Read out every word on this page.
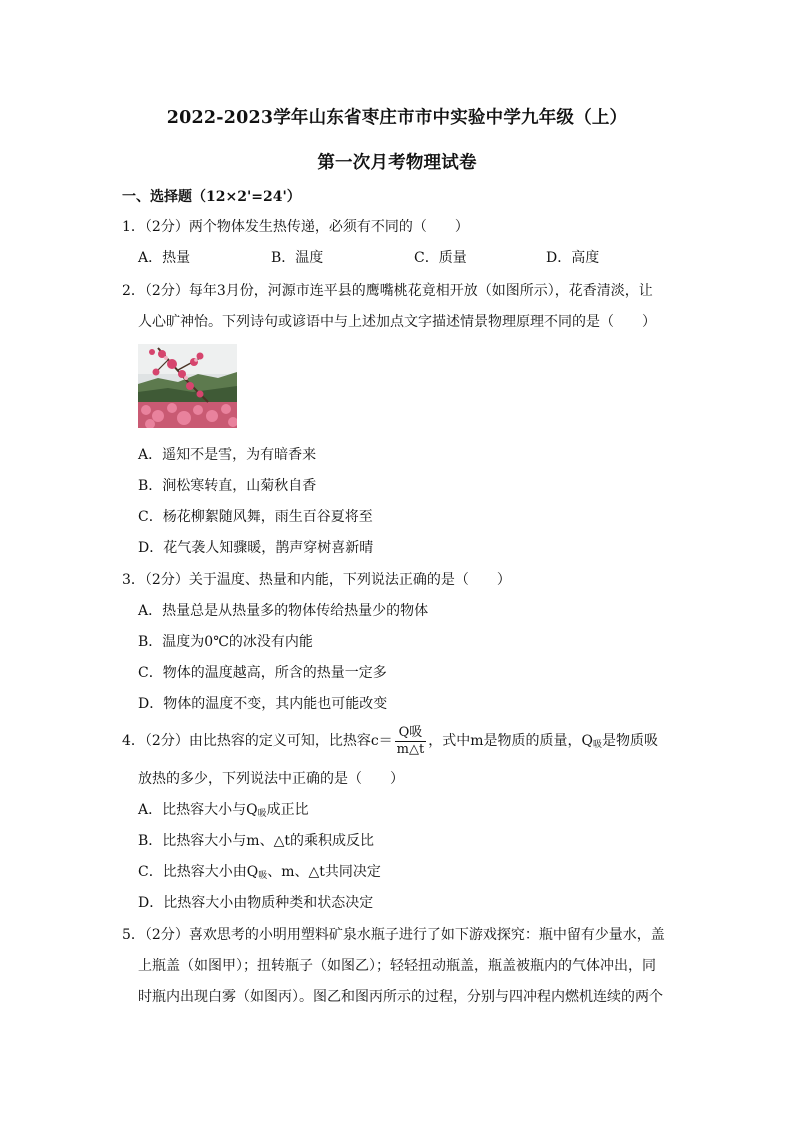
2022-2023学年山东省枣庄市市中实验中学九年级（上）
第一次月考物理试卷
一、选择题（12×2'=24'）
1．（2分）两个物体发生热传递，必须有不同的（　　）
A．热量	B．温度	C．质量	D．高度
2．（2分）每年3月份，河源市连平县的鹰嘴桃花竟相开放（如图所示），花香清淡，让
人心旷神怡。下列诗句或谚语中与上述加点文字描述情景物理原理不同的是（　　）
A．遥知不是雪，为有暗香来
B．涧松寒转直，山菊秋自香
C．杨花柳絮随风舞，雨生百谷夏将至
D．花气袭人知骤暖，鹊声穿树喜新晴
3．（2分）关于温度、热量和内能，下列说法正确的是（　　）
A．热量总是从热量多的物体传给热量少的物体
B．温度为0℃的冰没有内能
C．物体的温度越高，所含的热量一定多
D．物体的温度不变，其内能也可能改变
4．（2分）由比热容的定义可知，比热容$c= \frac{\text{Q吸}}{m\triangle t}$ ，式中m是物质的质量，$Q_吸$是物质吸
放热的多少，下列说法中正确的是（　　）
A．比热容大小与$Q_吸$成正比
B．比热容大小与m、△t的乘积成反比
C．比热容大小由$Q_吸$、m、△t共同决定
D．比热容大小由物质种类和状态决定
5．（2分）喜欢思考的小明用塑料矿泉水瓶子进行了如下游戏探究：瓶中留有少量水，盖
上瓶盖（如图甲）；扭转瓶子（如图乙）；轻轻扭动瓶盖，瓶盖被瓶内的气体冲出，同
时瓶内出现白雾（如图丙）。图乙和图丙所示的过程，分别与四冲程内燃机连续的两个
